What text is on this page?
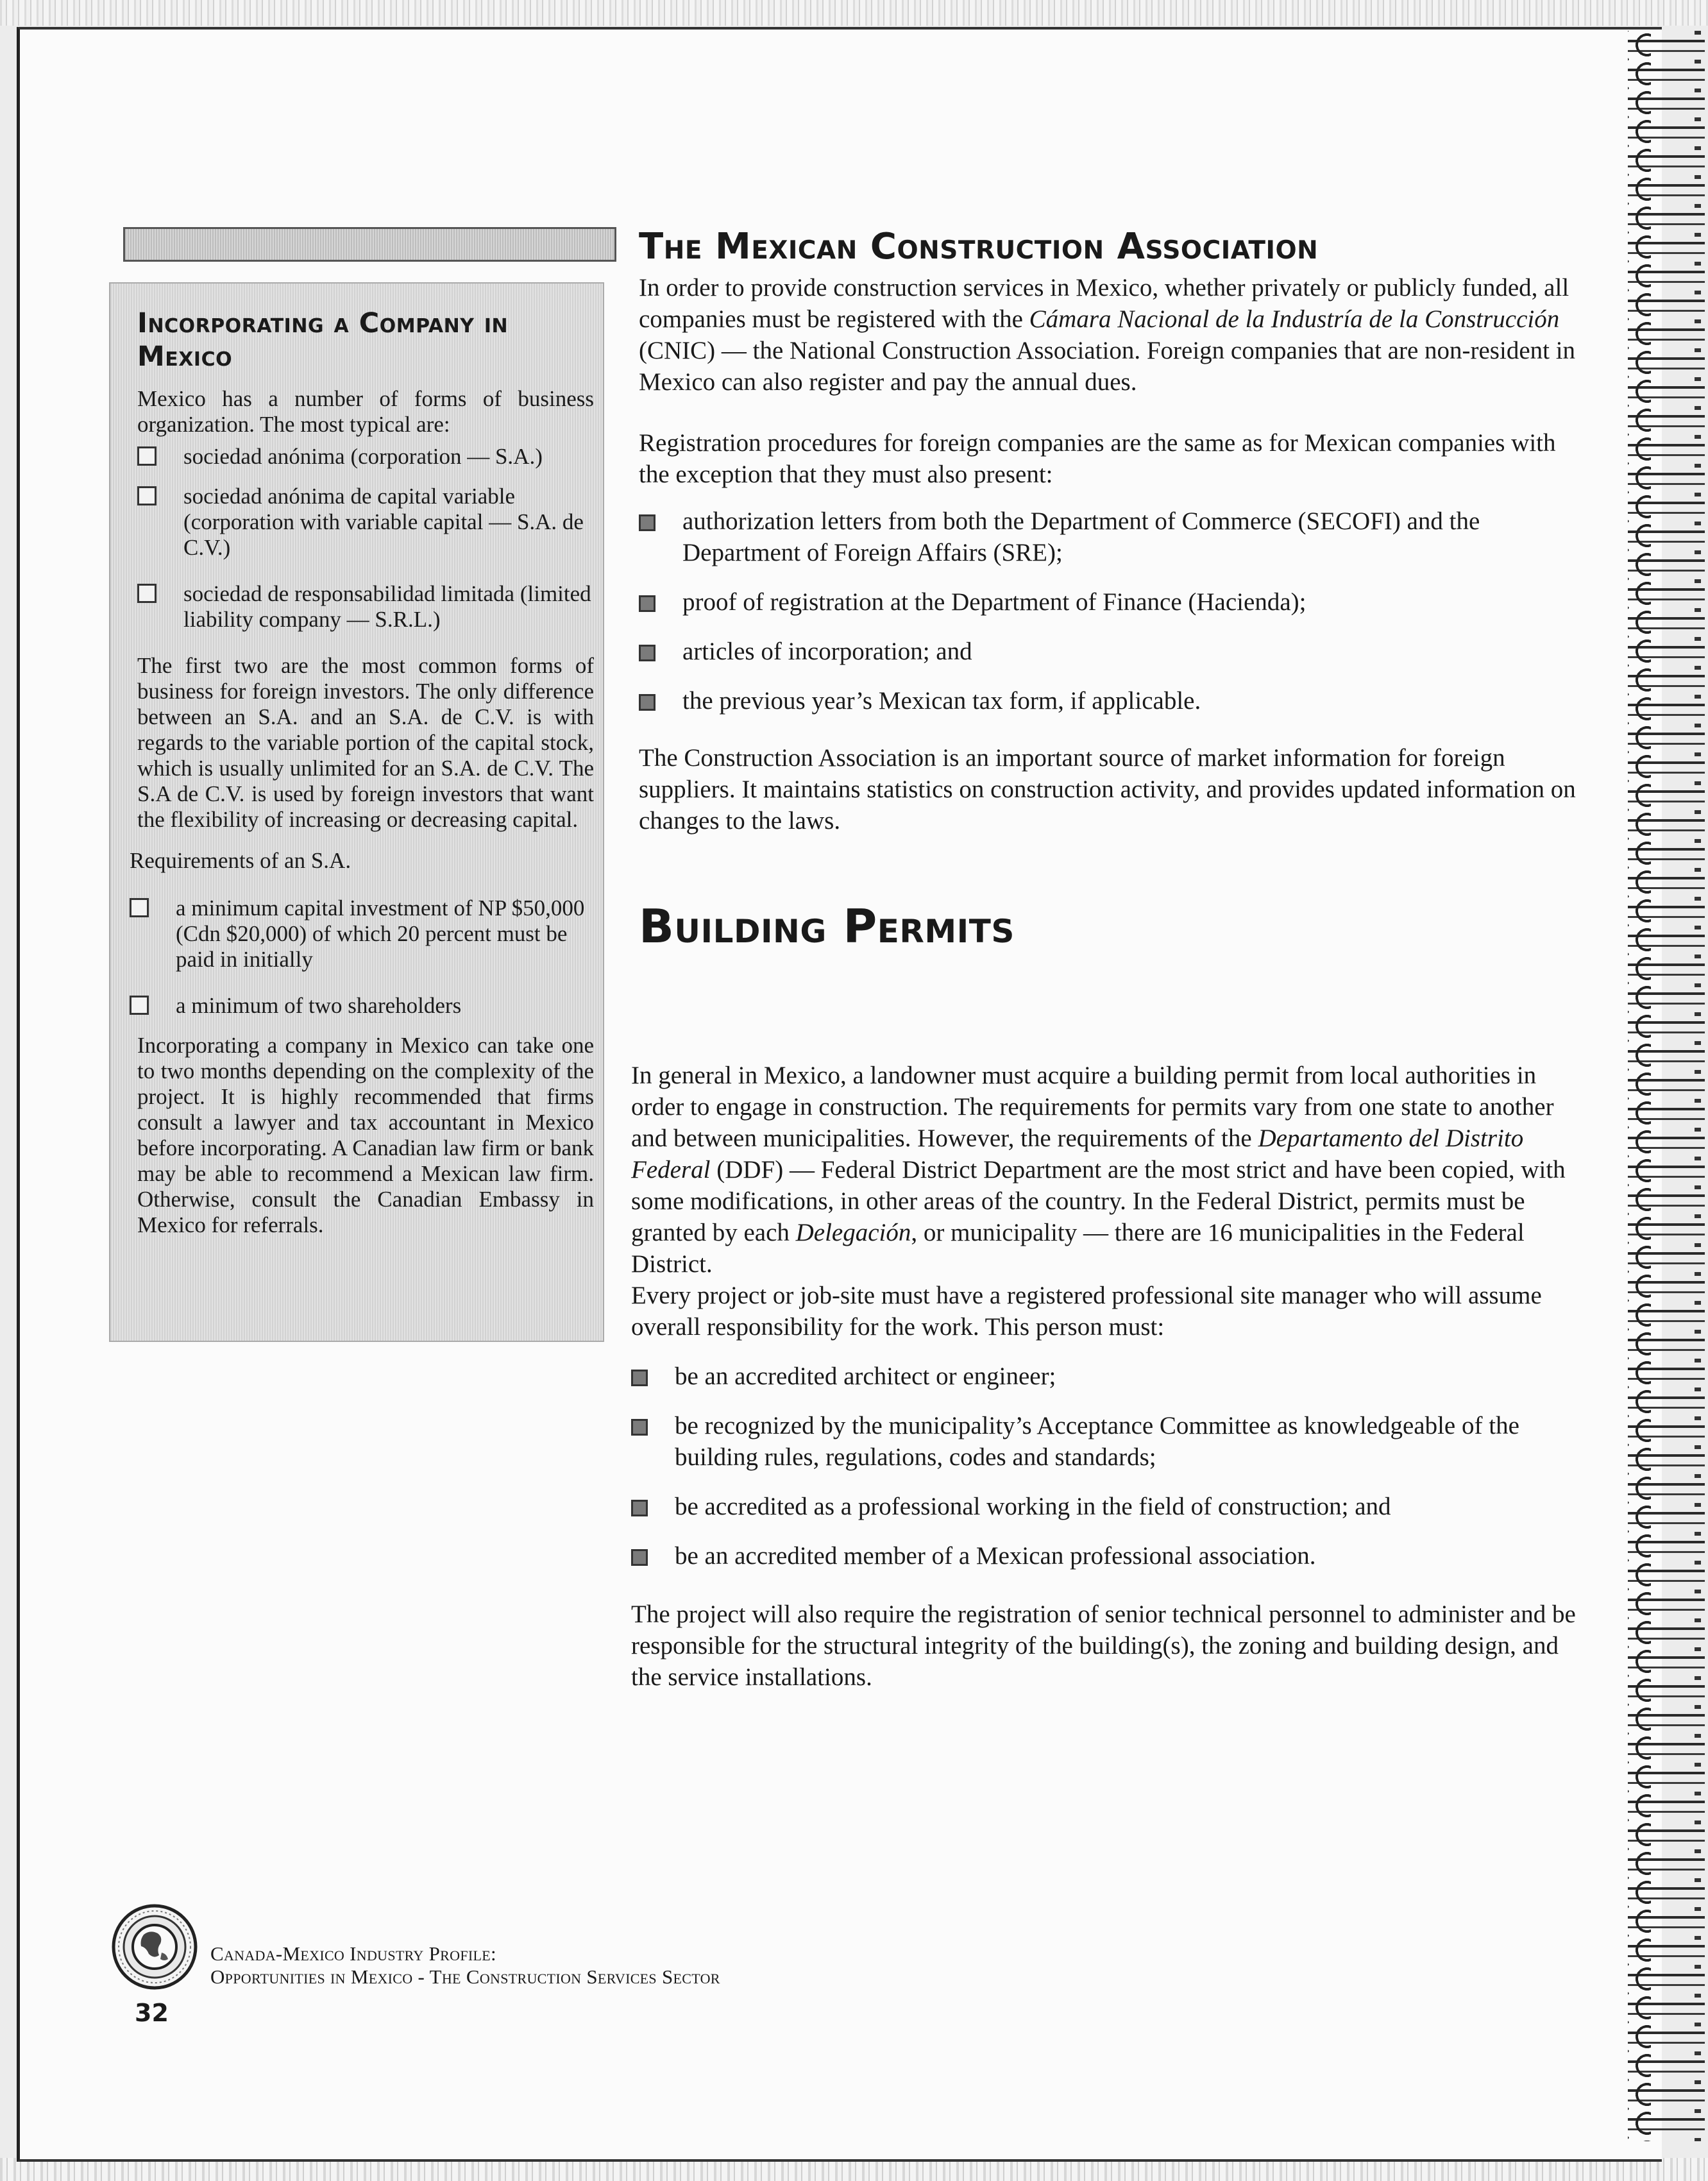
Incorporating a Company in Mexico

Mexico has a number of forms of business organization. The most typical are:

sociedad anónima (corporation — S.A.)
sociedad anónima de capital variable (corporation with variable capital — S.A. de C.V.)
sociedad de responsabilidad limitada (limited liability company — S.R.L.)

The first two are the most common forms of business for foreign investors. The only difference between an S.A. and an S.A. de C.V. is with regards to the variable portion of the capital stock, which is usually unlimited for an S.A. de C.V. The S.A de C.V. is used by foreign investors that want the flexibility of increasing or decreasing capital.

Requirements of an S.A.

a minimum capital investment of NP $50,000 (Cdn $20,000) of which 20 percent must be paid in initially
a minimum of two shareholders

Incorporating a company in Mexico can take one to two months depending on the complexity of the project. It is highly recommended that firms consult a lawyer and tax accountant in Mexico before incorporating. A Canadian law firm or bank may be able to recommend a Mexican law firm. Otherwise, consult the Canadian Embassy in Mexico for referrals.

The Mexican Construction Association

In order to provide construction services in Mexico, whether privately or publicly funded, all companies must be registered with the Cámara Nacional de la Industría de la Construcción (CNIC) — the National Construction Association. Foreign companies that are non-resident in Mexico can also register and pay the annual dues.

Registration procedures for foreign companies are the same as for Mexican companies with the exception that they must also present:

authorization letters from both the Department of Commerce (SECOFI) and the Department of Foreign Affairs (SRE);
proof of registration at the Department of Finance (Hacienda);
articles of incorporation; and
the previous year’s Mexican tax form, if applicable.

The Construction Association is an important source of market information for foreign suppliers. It maintains statistics on construction activity, and provides updated information on changes to the laws.

Building Permits

In general in Mexico, a landowner must acquire a building permit from local authorities in order to engage in construction. The requirements for permits vary from one state to another and between municipalities. However, the requirements of the Departamento del Distrito Federal (DDF) — Federal District Department are the most strict and have been copied, with some modifications, in other areas of the country. In the Federal District, permits must be granted by each Delegación, or municipality — there are 16 municipalities in the Federal District.

Every project or job-site must have a registered professional site manager who will assume overall responsibility for the work. This person must:

be an accredited architect or engineer;
be recognized by the municipality’s Acceptance Committee as knowledgeable of the building rules, regulations, codes and standards;
be accredited as a professional working in the field of construction; and
be an accredited member of a Mexican professional association.

The project will also require the registration of senior technical personnel to administer and be responsible for the structural integrity of the building(s), the zoning and building design, and the service installations.

Canada-Mexico Industry Profile:
Opportunities in Mexico - The Construction Services Sector
32
